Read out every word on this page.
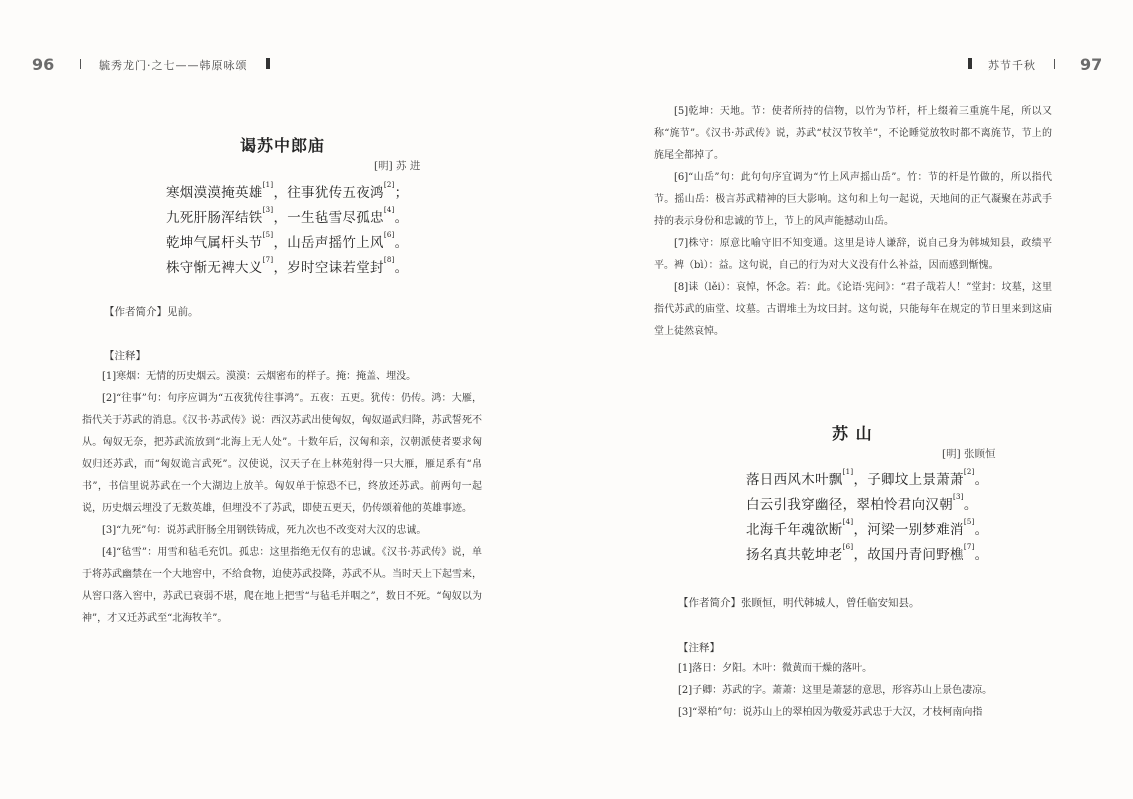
96	毓秀龙门·之七——韩原咏颂
谒苏中郎庙
[明] 苏 进
寒烟漠漠掩英雄[1]，往事犹传五夜鸿[2]；
九死肝肠浑结铁[3]，一生毡雪尽孤忠[4]。
乾坤气属杆头节[5]，山岳声摇竹上风[6]。
株守惭无裨大义[7]，岁时空诔若堂封[8]。
【作者简介】见前。
【注释】

[1]寒烟：无情的历史烟云。漠漠：云烟密布的样子。掩：掩盖、埋没。

[2]“往事”句：句序应调为“五夜犹传往事鸿”。五夜：五更。犹传：仍传。鸿：大雁，指代关于苏武的消息。《汉书·苏武传》说：西汉苏武出使匈奴，匈奴逼武归降，苏武誓死不从。匈奴无奈，把苏武流放到“北海上无人处”。十数年后，汉匈和亲，汉朝派使者要求匈奴归还苏武，而“匈奴诡言武死”。汉使说，汉天子在上林苑射得一只大雁，雁足系有“帛书”，书信里说苏武在一个大湖边上放羊。匈奴单于惊恐不已，终放还苏武。前两句一起说，历史烟云埋没了无数英雄，但埋没不了苏武，即使五更天，仍传颂着他的英雄事迹。

[3]“九死”句：说苏武肝肠全用钢铁铸成，死九次也不改变对大汉的忠诚。

[4]“毡雪”：用雪和毡毛充饥。孤忠：这里指绝无仅有的忠诚。《汉书·苏武传》说，单于将苏武幽禁在一个大地窖中，不给食物，迫使苏武投降，苏武不从。当时天上下起雪来，从窖口落入窖中，苏武已衰弱不堪，爬在地上把雪“与毡毛并咽之”，数日不死。“匈奴以为神”，才又迁苏武至“北海牧羊”。

苏节千秋	97

[5]乾坤：天地。节：使者所持的信物，以竹为节杆，杆上缀着三重旄牛尾，所以又称“旄节”。《汉书·苏武传》说，苏武“杖汉节牧羊”，不论睡觉放牧时都不离旄节，节上的旄尾全都掉了。

[6]“山岳”句：此句句序宜调为“竹上风声摇山岳”。竹：节的杆是竹做的，所以指代节。摇山岳：极言苏武精神的巨大影响。这句和上句一起说，天地间的正气凝聚在苏武手持的表示身份和忠诚的节上，节上的风声能撼动山岳。

[7]株守：原意比喻守旧不知变通。这里是诗人谦辞，说自己身为韩城知县，政绩平平。裨（bì）：益。这句说，自己的行为对大义没有什么补益，因而感到惭愧。

[8]诔（lěi）：哀悼，怀念。若：此。《论语·宪问》：“君子哉若人！”堂封：坟墓，这里指代苏武的庙堂、坟墓。古谓堆土为坟曰封。这句说，只能每年在规定的节日里来到这庙堂上徒然哀悼。

苏 山
[明] 张顾恒
落日西风木叶飘[1]，子卿坟上景萧萧[2]。
白云引我穿幽径，翠柏怜君向汉朝[3]。
北海千年魂欲断[4]，河梁一别梦难消[5]。
扬名真共乾坤老[6]，故国丹青问野樵[7]。
【作者简介】张顾恒，明代韩城人，曾任临安知县。
【注释】

[1]落日：夕阳。木叶：微黄而干燥的落叶。

[2]子卿：苏武的字。萧萧：这里是萧瑟的意思，形容苏山上景色凄凉。

[3]“翠柏”句：说苏山上的翠柏因为敬爱苏武忠于大汉，才枝柯南向指
